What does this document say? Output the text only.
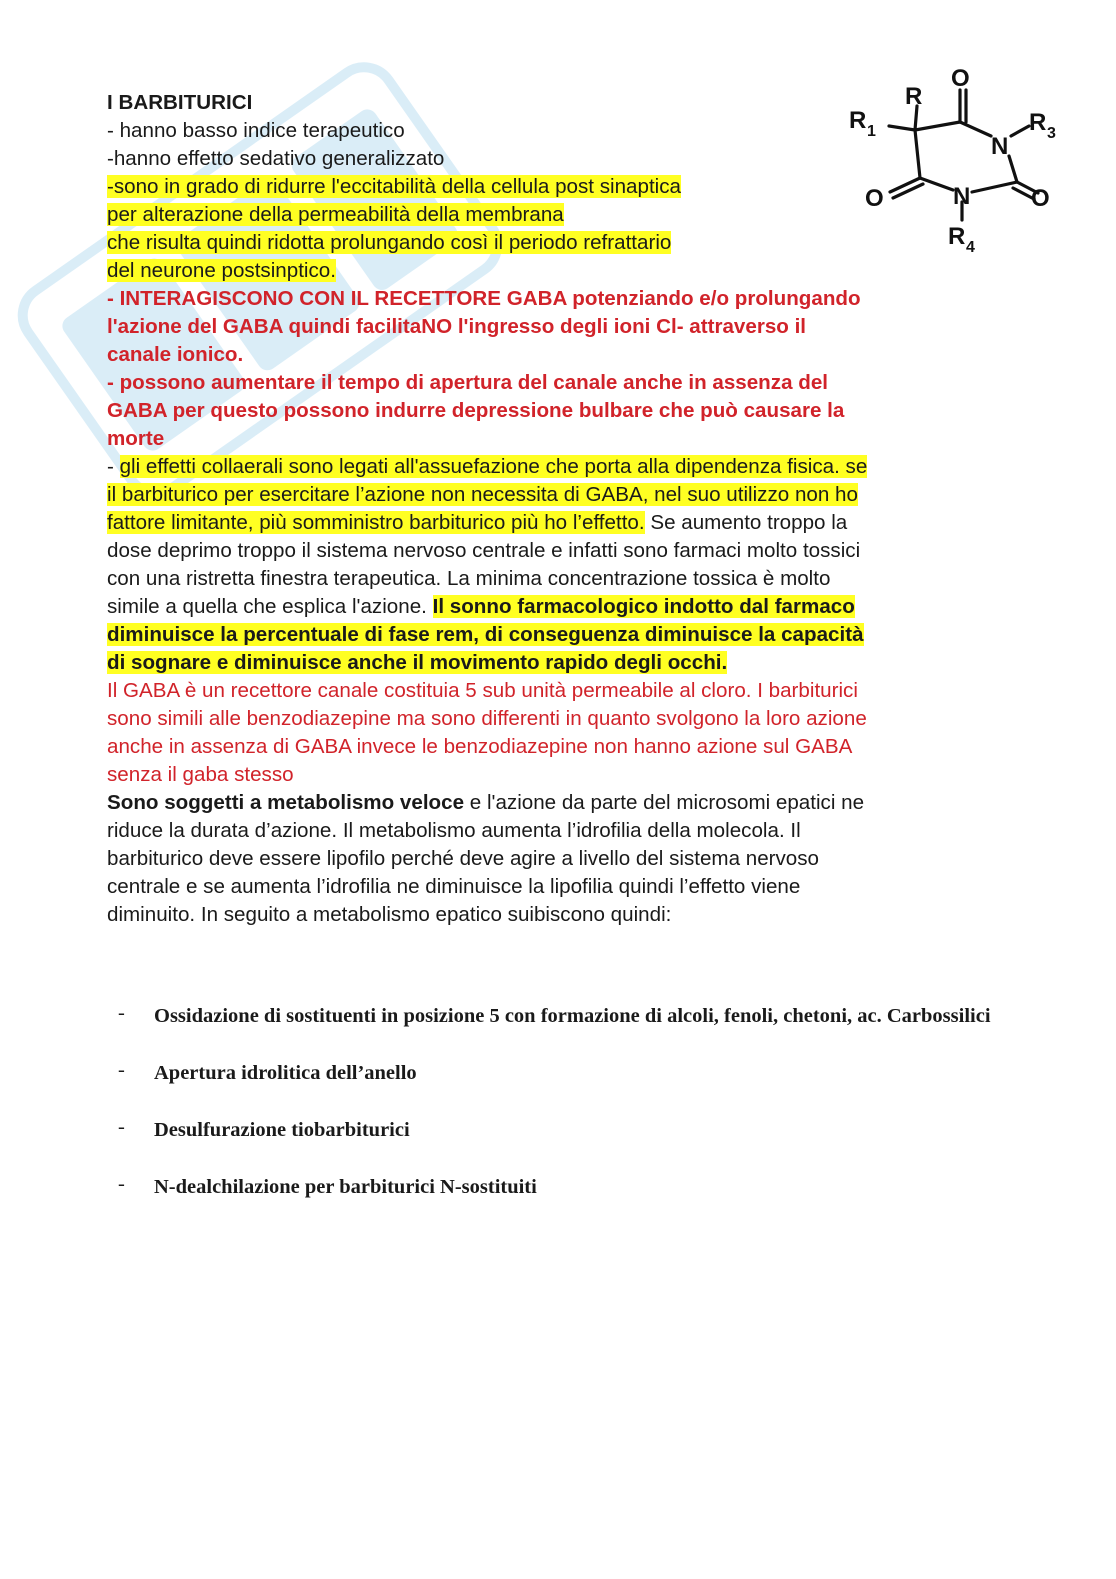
I BARBITURICI
- hanno basso indice terapeutico
-hanno effetto sedativo generalizzato
-sono in grado di ridurre l'eccitabilità della cellula post sinaptica
per alterazione della permeabilità della membrana
che risulta quindi ridotta prolungando così il periodo refrattario
del neurone postsinptico.
- INTERAGISCONO CON IL RECETTORE GABA potenziando e/o prolungando
l'azione del GABA quindi facilitaNO l'ingresso degli ioni Cl- attraverso il
canale ionico.
- possono aumentare il tempo di apertura del canale anche in assenza del
GABA per questo possono indurre depressione bulbare che può causare la
morte
- gli effetti collaerali sono legati all'assuefazione che porta alla dipendenza fisica. se
il barbiturico per esercitare l’azione non necessita di GABA, nel suo utilizzo non ho
fattore limitante, più somministro barbiturico più ho l’effetto. Se aumento troppo la
dose deprimo troppo il sistema nervoso centrale e infatti sono farmaci molto tossici
con una ristretta finestra terapeutica. La minima concentrazione tossica è molto
simile a quella che esplica l'azione. Il sonno farmacologico indotto dal farmaco
diminuisce la percentuale di fase rem, di conseguenza diminuisce la capacità
di sognare e diminuisce anche il movimento rapido degli occhi.
Il GABA è un recettore canale costituia 5 sub unità permeabile al cloro. I barbiturici
sono simili alle benzodiazepine ma sono differenti in quanto svolgono la loro azione
anche in assenza di GABA invece le benzodiazepine non hanno azione sul GABA
senza il gaba stesso
Sono soggetti a metabolismo veloce e l'azione da parte del microsomi epatici ne
riduce la durata d’azione. Il metabolismo aumenta l’idrofilia della molecola. Il
barbiturico deve essere lipofilo perché deve agire a livello del sistema nervoso
centrale e se aumenta l’idrofilia ne diminuisce la lipofilia quindi l’effetto viene
diminuito. In seguito a metabolismo epatico suibiscono quindi:
O
R
R 1
N
R 3
O	N	O
R 4
- Ossidazione di sostituenti in posizione 5 con formazione di alcoli, fenoli, chetoni, ac. Carbossilici
- Apertura idrolitica dell’anello
- Desulfurazione tiobarbiturici
- N-dealchilazione per barbiturici N-sostituiti
